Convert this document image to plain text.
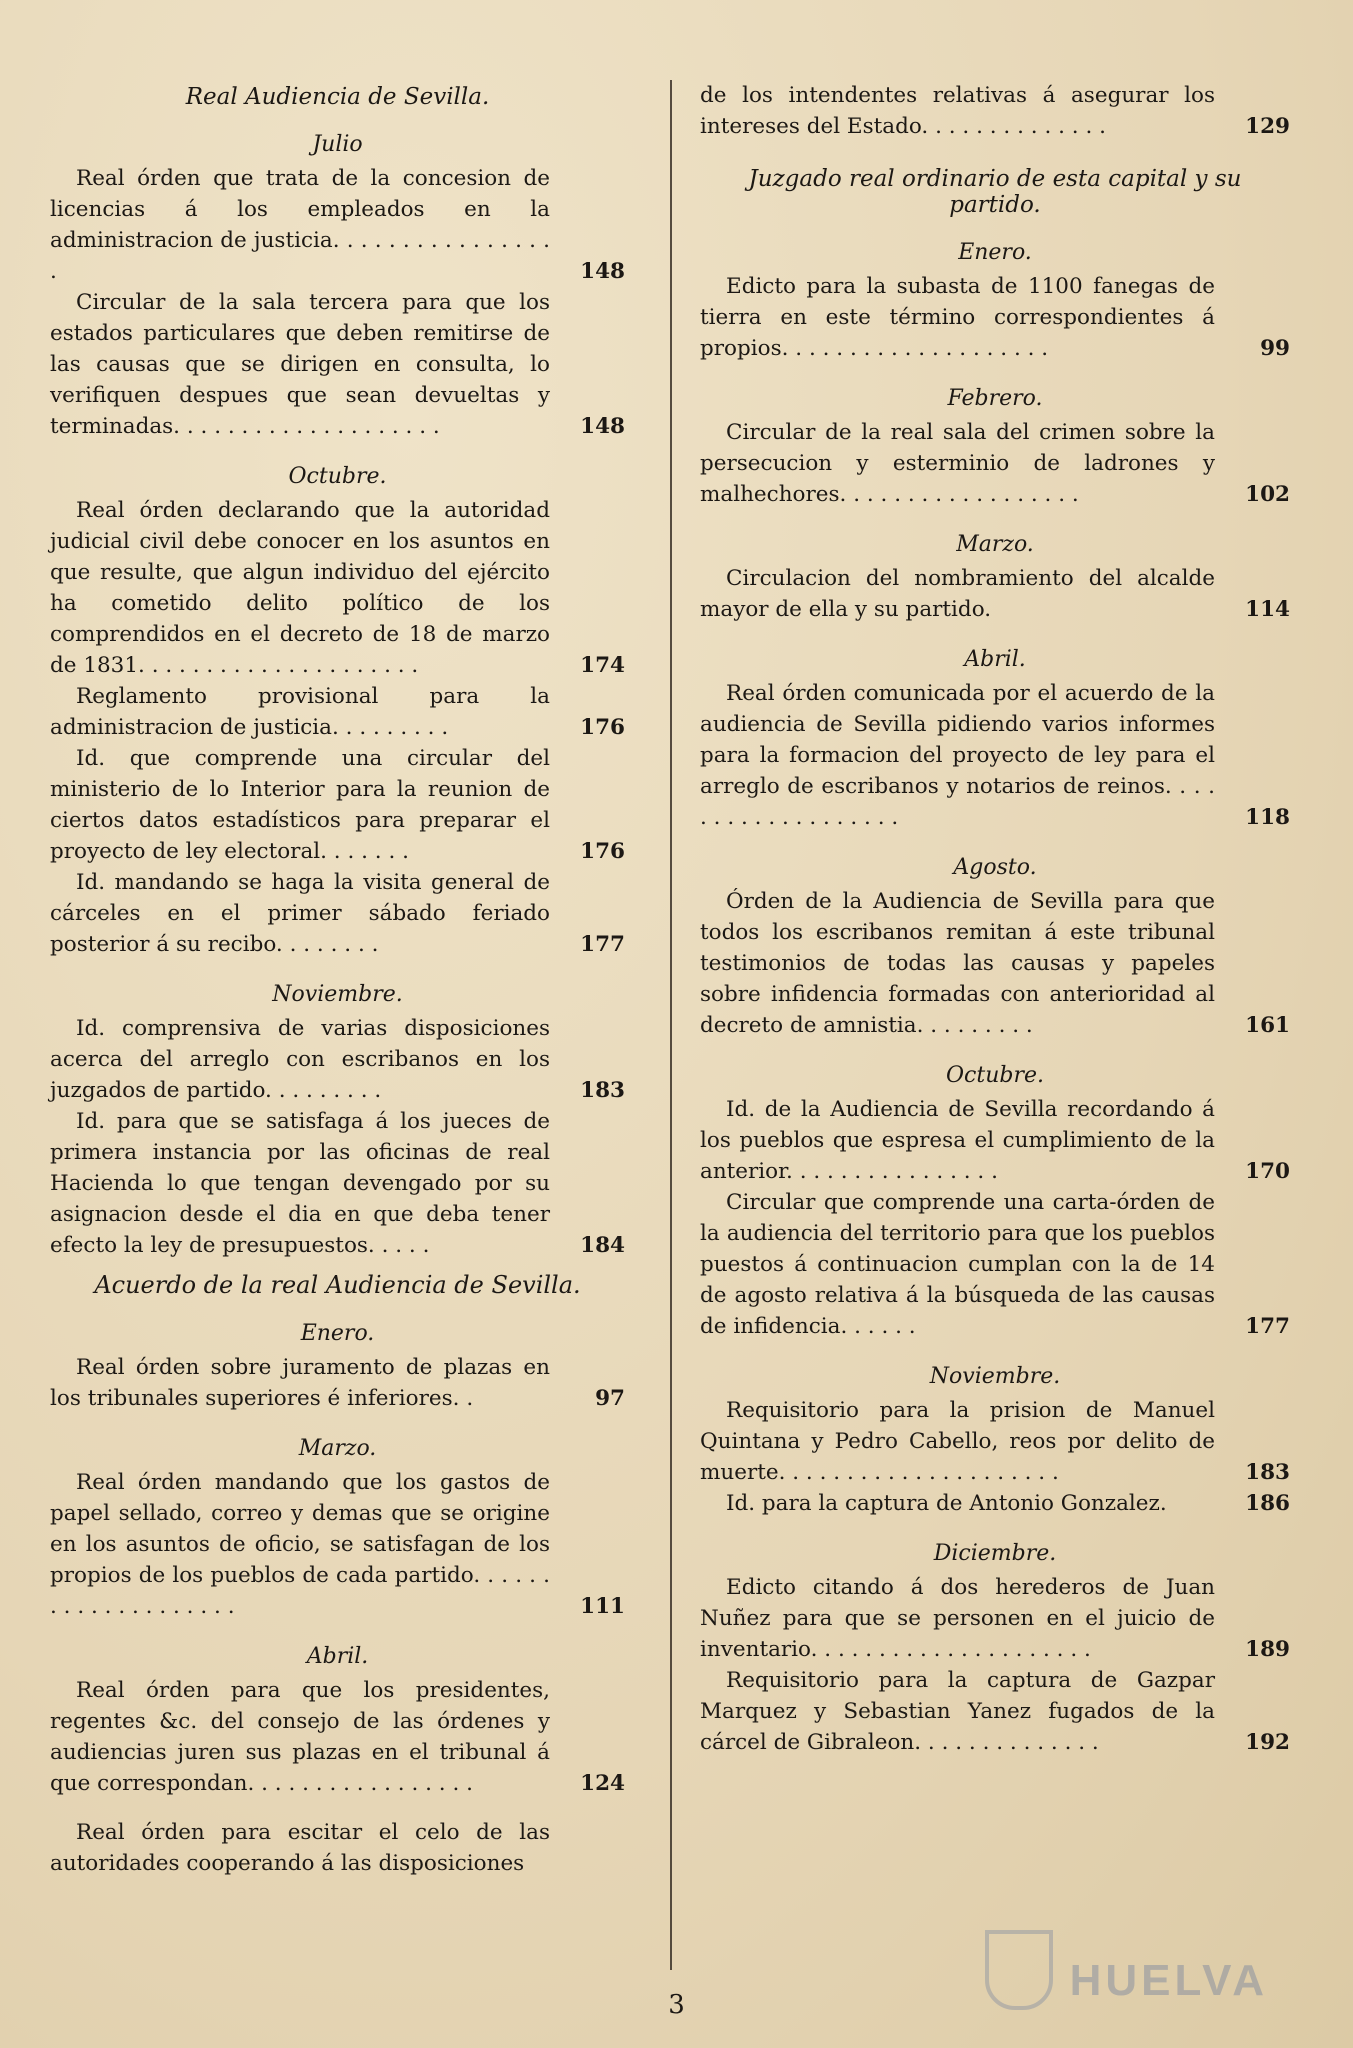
Real Audiencia de Sevilla.
Julio

Real órden que trata de la concesion de licencias á los empleados en la administracion de justicia. . . . . . . . . . . . . . . . .	148

Circular de la sala tercera para que los estados particulares que deben remitirse de las causas que se dirigen en consulta, lo verifiquen despues que sean devueltas y terminadas. . . . . . . . . . . . . . . . . . . .	148
Octubre.

Real órden declarando que la autoridad judicial civil debe conocer en los asuntos en que resulte, que algun individuo del ejército ha cometido delito político de los comprendidos en el decreto de 18 de marzo de 1831. . . . . . . . . . . . . . . . . . . . .	174

Reglamento provisional para la administracion de justicia. . . . . . . . .	176

Id. que comprende una circular del ministerio de lo Interior para la reunion de ciertos datos estadísticos para preparar el proyecto de ley electoral. . . . . . .	176

Id. mandando se haga la visita general de cárceles en el primer sábado feriado posterior á su recibo. . . . . . . .	177
Noviembre.

Id. comprensiva de varias disposiciones acerca del arreglo con escribanos en los juzgados de partido. . . . . . . . .	183

Id. para que se satisfaga á los jueces de primera instancia por las oficinas de real Hacienda lo que tengan devengado por su asignacion desde el dia en que deba tener efecto la ley de presupuestos. . . . .	184
Acuerdo de la real Audiencia de Sevilla.
Enero.

Real órden sobre juramento de plazas en los tribunales superiores é inferiores. .	97
Marzo.

Real órden mandando que los gastos de papel sellado, correo y demas que se origine en los asuntos de oficio, se satisfagan de los propios de los pueblos de cada partido. . . . . . . . . . . . . . . . . . . .	111
Abril.

Real órden para que los presidentes, regentes &c. del consejo de las órdenes y audiencias juren sus plazas en el tribunal á que correspondan. . . . . . . . . . . . . . . . .	124

Real órden para escitar el celo de las autoridades cooperando á las disposiciones

de los intendentes relativas á asegurar los intereses del Estado. . . . . . . . . . . . . .	129
Juzgado real ordinario de esta capital y su partido.
Enero.

Edicto para la subasta de 1100 fanegas de tierra en este término correspondientes á propios. . . . . . . . . . . . . . . . . . . .	99
Febrero.

Circular de la real sala del crimen sobre la persecucion y esterminio de ladrones y malhechores. . . . . . . . . . . . . . . . . .	102
Marzo.

Circulacion del nombramiento del alcalde mayor de ella y su partido.	114
Abril.

Real órden comunicada por el acuerdo de la audiencia de Sevilla pidiendo varios informes para la formacion del proyecto de ley para el arreglo de escribanos y notarios de reinos. . . . . . . . . . . . . . . . . . .	118
Agosto.

Órden de la Audiencia de Sevilla para que todos los escribanos remitan á este tribunal testimonios de todas las causas y papeles sobre infidencia formadas con anterioridad al decreto de amnistia. . . . . . . . .	161
Octubre.

Id. de la Audiencia de Sevilla recordando á los pueblos que espresa el cumplimiento de la anterior. . . . . . . . . . . . . . . .	170

Circular que comprende una carta-órden de la audiencia del territorio para que los pueblos puestos á continuacion cumplan con la de 14 de agosto relativa á la búsqueda de las causas de infidencia. . . . . .	177
Noviembre.

Requisitorio para la prision de Manuel Quintana y Pedro Cabello, reos por delito de muerte. . . . . . . . . . . . . . . . . . . . .	183

Id. para la captura de Antonio Gonzalez.	186
Diciembre.

Edicto citando á dos herederos de Juan Nuñez para que se personen en el juicio de inventario. . . . . . . . . . . . . . . . . . . . .	189

Requisitorio para la captura de Gazpar Marquez y Sebastian Yanez fugados de la cárcel de Gibraleon. . . . . . . . . . . . . .	192
3	HUELVA
